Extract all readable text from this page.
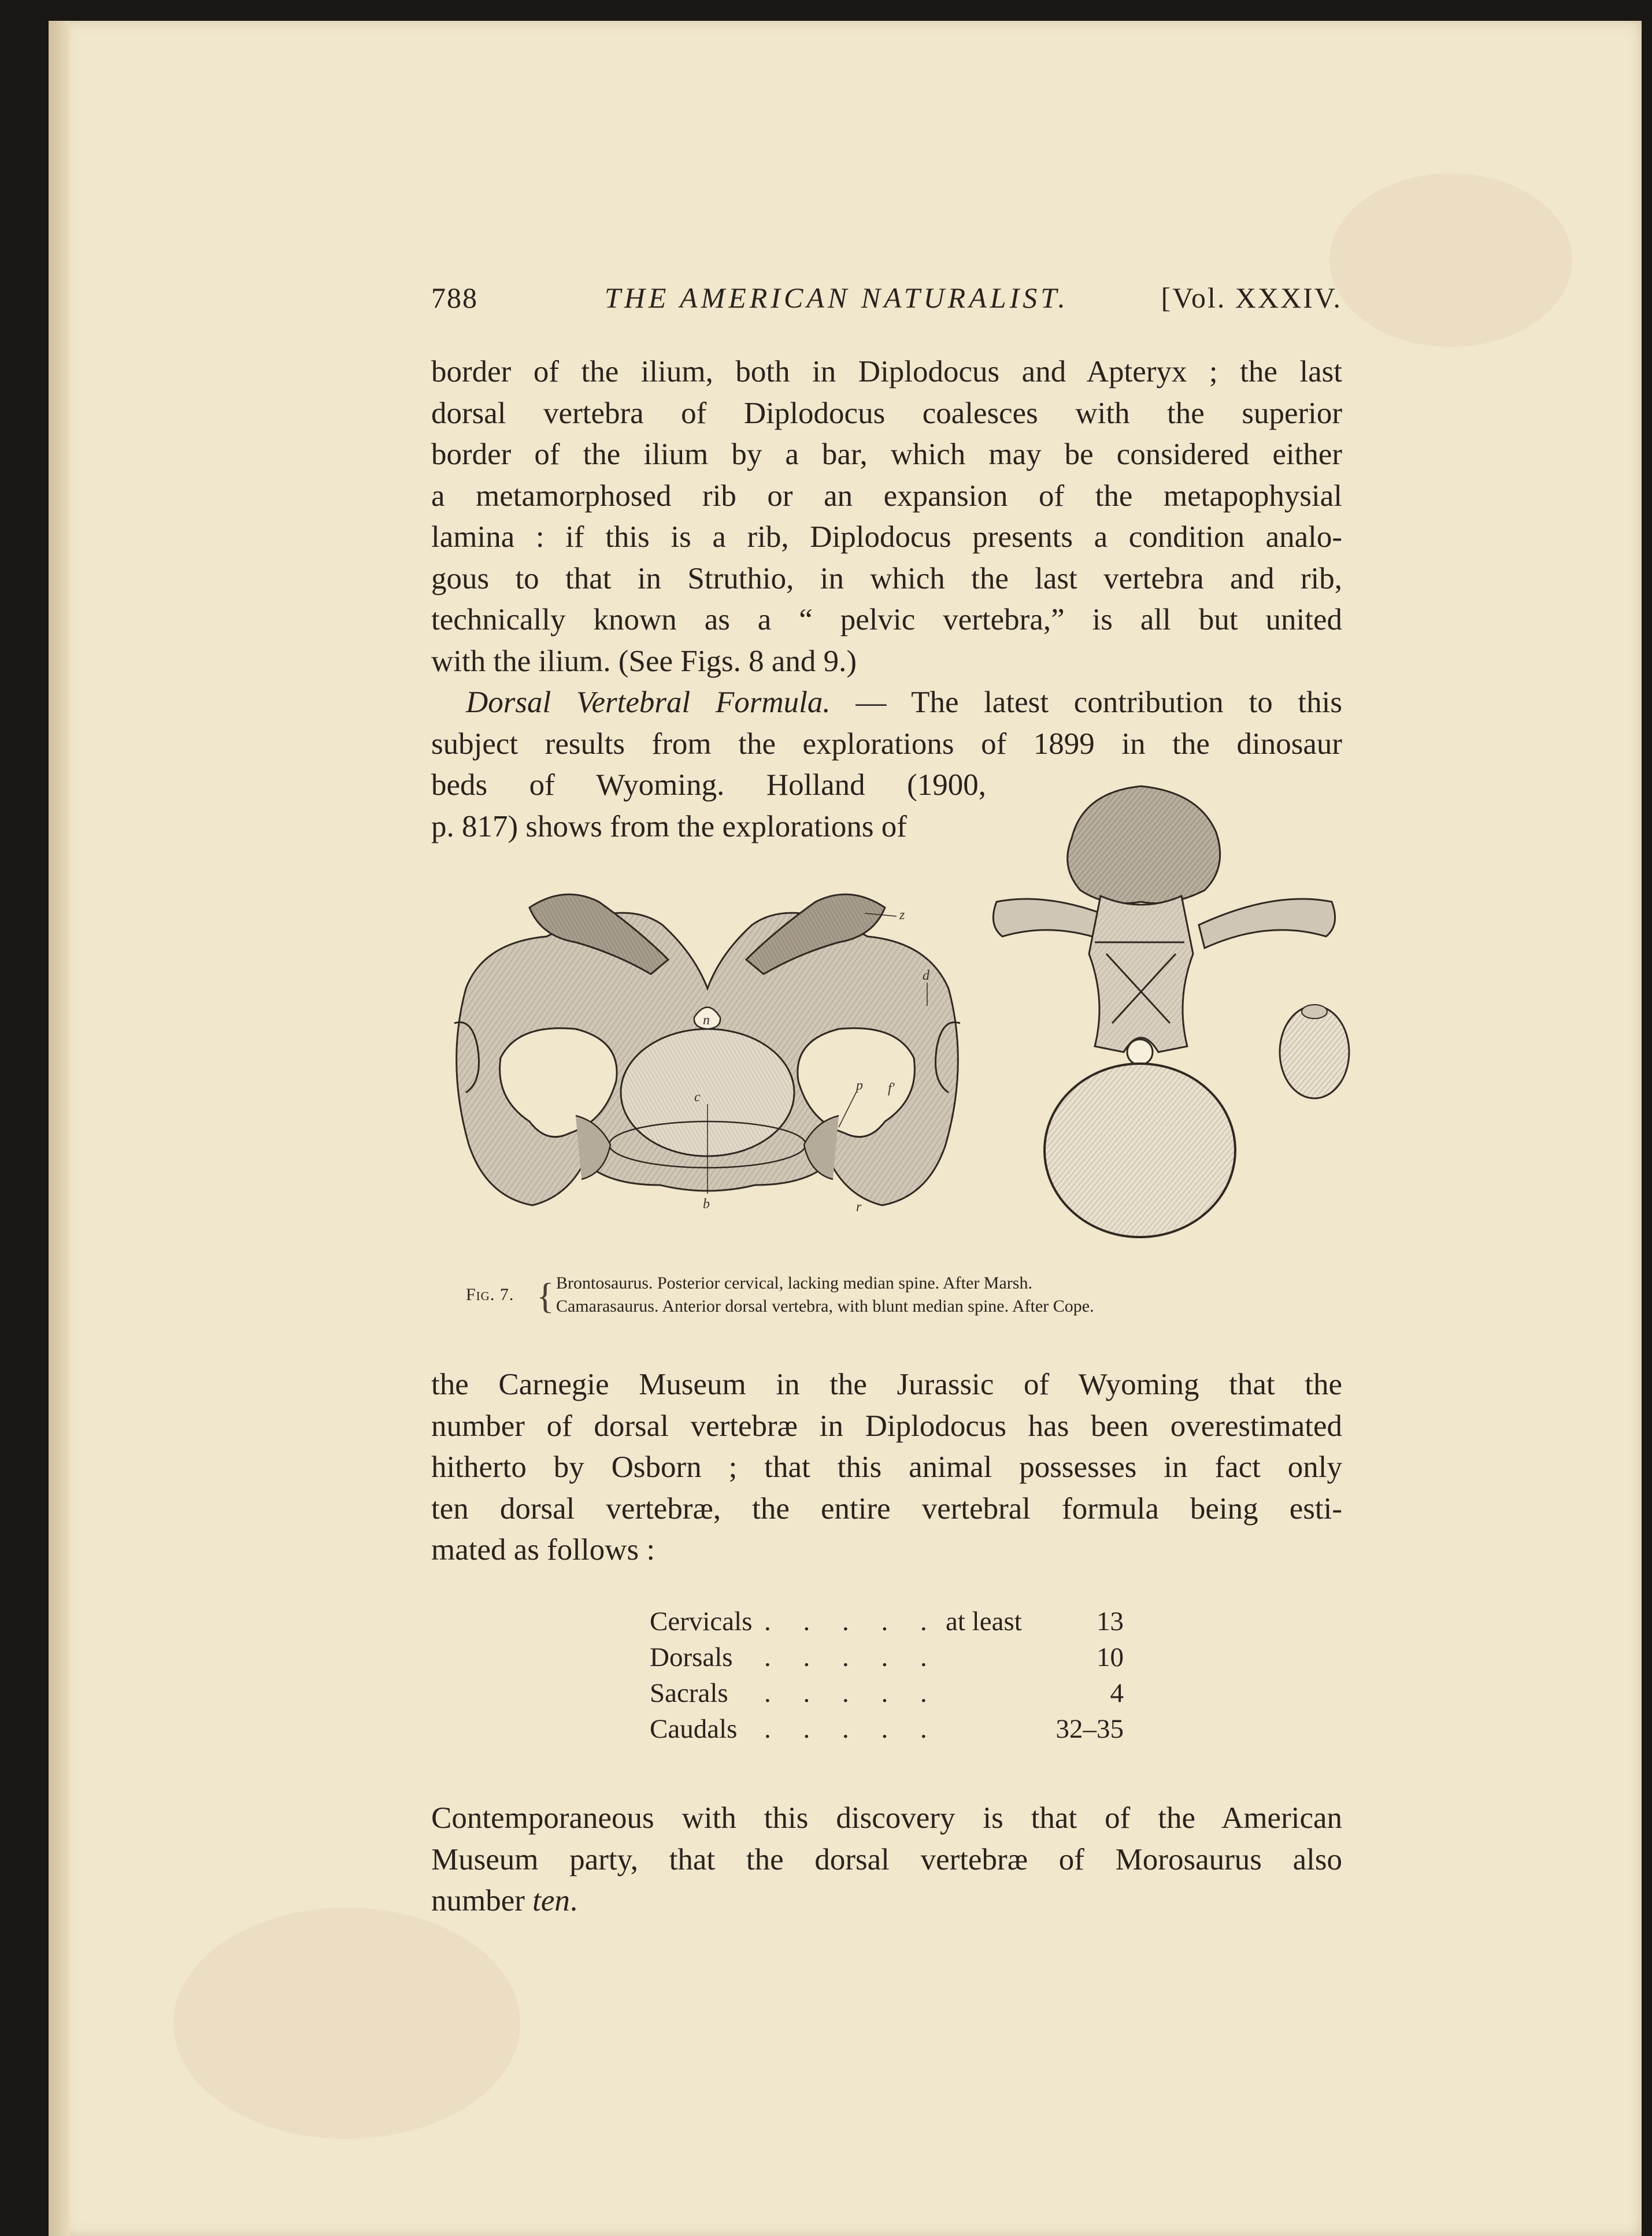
788	THE AMERICAN NATURALIST.	[Vol. XXXIV.
border of the ilium, both in Diplodocus and Apteryx ; the last
dorsal vertebra of Diplodocus coalesces with the superior
border of the ilium by a bar, which may be considered either
a metamorphosed rib or an expansion of the metapophysial
lamina : if this is a rib, Diplodocus presents a condition analo-
gous to that in Struthio, in which the last vertebra and rib,
technically known as a “ pelvic vertebra,” is all but united
with the ilium. (See Figs. 8 and 9.)
Dorsal Vertebral Formula. — The latest contribution to this
subject results from the explorations of 1899 in the dinosaur
beds of Wyoming. Holland (1900,
p. 817) shows from the explorations of
z
d
n
c
p f′
b	r
Fig. 7. { Brontosaurus. Posterior cervical, lacking median spine. After Marsh.
Camarasaurus. Anterior dorsal vertebra, with blunt median spine. After Cope.
the Carnegie Museum in the Jurassic of Wyoming that the
number of dorsal vertebræ in Diplodocus has been overestimated
hitherto by Osborn ; that this animal possesses in fact only
ten dorsal vertebræ, the entire vertebral formula being esti-
mated as follows :
Cervicals . . . . . at least	13
Dorsals . . . . .	10
Sacrals . . . . .	4
Caudals . . . . .	32–35
Contemporaneous with this discovery is that of the American
Museum party, that the dorsal vertebræ of Morosaurus also
number ten.
